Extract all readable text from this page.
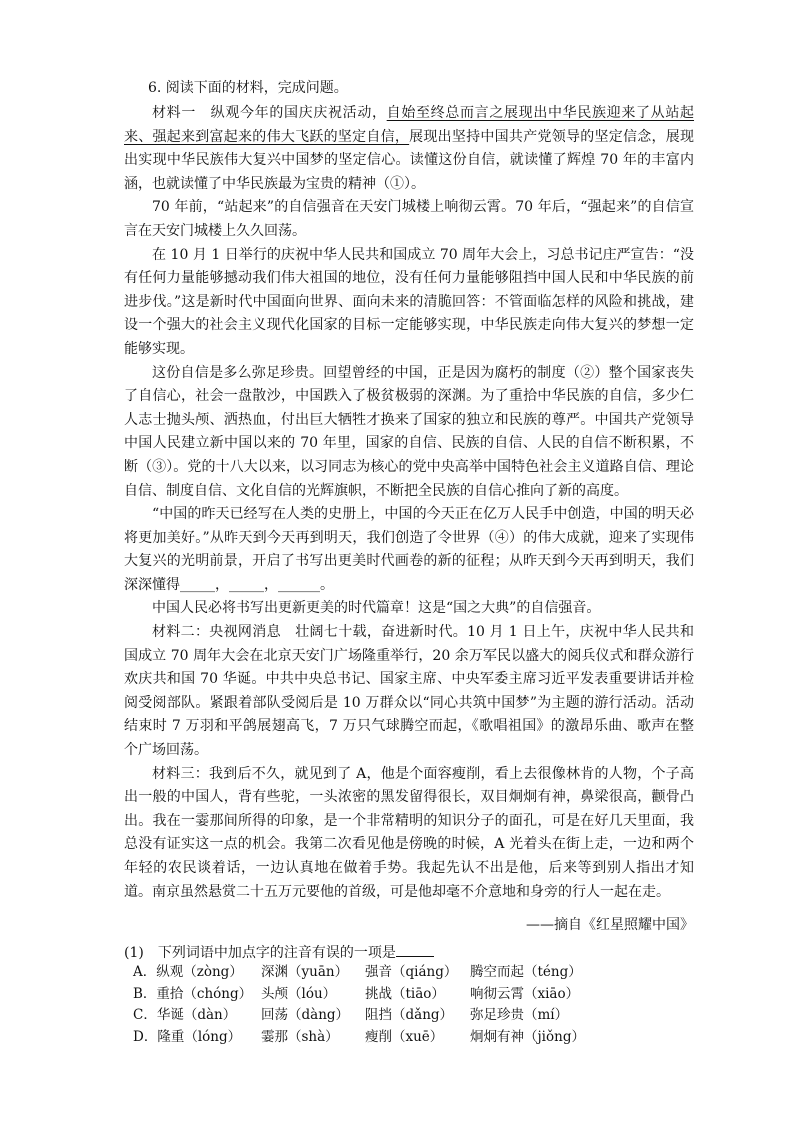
6. 阅读下面的材料，完成问题。

材料一　纵观今年的国庆庆祝活动，自始至终总而言之展现出中华民族迎来了从站起来、强起来到富起来的伟大飞跃的坚定自信，展现出坚持中国共产党领导的坚定信念，展现出实现中华民族伟大复兴中国梦的坚定信心。读懂这份自信，就读懂了辉煌 70 年的丰富内涵，也就读懂了中华民族最为宝贵的精神（①）。

70 年前，“站起来”的自信强音在天安门城楼上响彻云霄。70 年后，“强起来”的自信宣言在天安门城楼上久久回荡。

在 10 月 1 日举行的庆祝中华人民共和国成立 70 周年大会上，习总书记庄严宣告：“没有任何力量能够撼动我们伟大祖国的地位，没有任何力量能够阻挡中国人民和中华民族的前进步伐。”这是新时代中国面向世界、面向未来的清脆回答：不管面临怎样的风险和挑战，建设一个强大的社会主义现代化国家的目标一定能够实现，中华民族走向伟大复兴的梦想一定能够实现。

这份自信是多么弥足珍贵。回望曾经的中国，正是因为腐朽的制度（②）整个国家丧失了自信心，社会一盘散沙，中国跌入了极贫极弱的深渊。为了重拾中华民族的自信，多少仁人志士抛头颅、洒热血，付出巨大牺牲才换来了国家的独立和民族的尊严。中国共产党领导中国人民建立新中国以来的 70 年里，国家的自信、民族的自信、人民的自信不断积累，不断（③）。党的十八大以来，以习同志为核心的党中央高举中国特色社会主义道路自信、理论自信、制度自信、文化自信的光辉旗帜，不断把全民族的自信心推向了新的高度。

“中国的昨天已经写在人类的史册上，中国的今天正在亿万人民手中创造，中国的明天必将更加美好。”从昨天到今天再到明天，我们创造了令世界（④）的伟大成就，迎来了实现伟大复兴的光明前景，开启了书写出更美时代画卷的新的征程；从昨天到今天再到明天，我们深深懂得_____，_____，______。

中国人民必将书写出更新更美的时代篇章！这是“国之大典”的自信强音。

材料二：央视网消息　壮阔七十载，奋进新时代。10 月 1 日上午，庆祝中华人民共和国成立 70 周年大会在北京天安门广场隆重举行，20 余万军民以盛大的阅兵仪式和群众游行欢庆共和国 70 华诞。中共中央总书记、国家主席、中央军委主席习近平发表重要讲话并检阅受阅部队。紧跟着部队受阅后是 10 万群众以“同心共筑中国梦”为主题的游行活动。活动结束时 7 万羽和平鸽展翅高飞，7 万只气球腾空而起，《歌唱祖国》的激昂乐曲、歌声在整个广场回荡。

材料三：我到后不久，就见到了 A，他是个面容瘦削，看上去很像林肯的人物，个子高出一般的中国人，背有些驼，一头浓密的黑发留得很长，双目炯炯有神，鼻梁很高，颧骨凸出。我在一霎那间所得的印象，是一个非常精明的知识分子的面孔，可是在好几天里面，我总没有证实这一点的机会。我第二次看见他是傍晚的时候，A 光着头在街上走，一边和两个年轻的农民谈着话，一边认真地在做着手势。我起先认不出是他，后来等到别人指出才知道。南京虽然悬赏二十五万元要他的首级，可是他却毫不介意地和身旁的行人一起在走。

——摘自《红星照耀中国》
(1)　下列词语中加点字的注音有误的一项是
A．纵观（zòng） 深渊（yuān） 强音（qiáng） 腾空而起（téng）
B．重拾（chóng） 头颅（lóu） 挑战（tiāo） 响彻云霄（xiāo）
C．华诞（dàn） 回荡（dàng） 阻挡（dǎng） 弥足珍贵（mí）
D．隆重（lóng） 霎那（shà） 瘦削（xuē） 炯炯有神（jiǒng）
